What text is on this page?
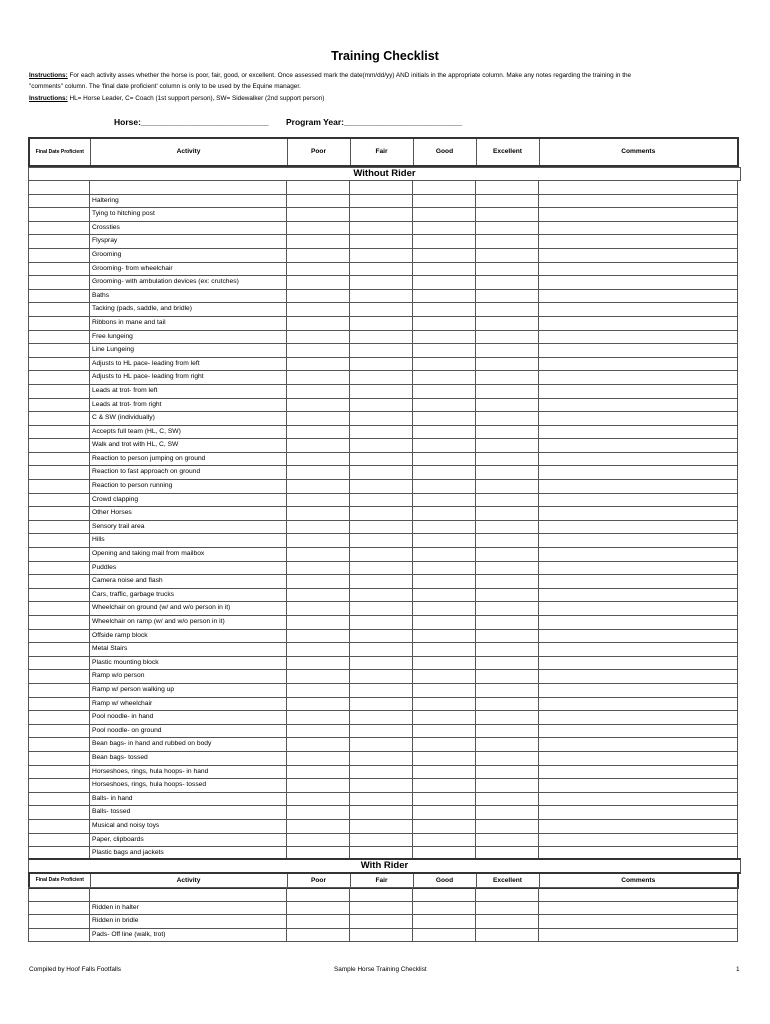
Training Checklist
Instructions: For each activity asses whether the horse is poor, fair, good, or excellent. Once assessed mark the date(mm/dd/yy) AND initials in the appropriate column. Make any notes regarding the training in the
"comments" column. The 'final date proficient' column is only to be used by the Equine manager.
Instructions: HL= Horse Leader, C= Coach (1st support person), SW= Sidewalker (2nd support person)
Horse:___________________________ Program Year:_________________________
Final Date Proficient	Activity	Poor	Fair	Good	Excellent	Comments
Without Rider

	Haltering					
	Tying to hitching post					
	Crossties					
	Flyspray					
	Grooming					
	Grooming- from wheelchair					
	Grooming- with ambulation devices (ex: crutches)					
	Baths					
	Tacking (pads, saddle, and bridle)					
	Ribbons in mane and tail					
	Free lungeing					
	Line Lungeing					
	Adjusts to HL pace- leading from left					
	Adjusts to HL pace- leading from right					
	Leads at trot- from left					
	Leads at trot- from right					
	C & SW (individually)					
	Accepts full team (HL, C, SW)					
	Walk and trot with HL, C, SW					
	Reaction to person jumping on ground					
	Reaction to fast approach on ground					
	Reaction to person running					
	Crowd clapping					
	Other Horses					
	Sensory trail area					
	Hills					
	Opening and taking mail from mailbox					
	Puddles					
	Camera noise and flash					
	Cars, traffic, garbage trucks					
	Wheelchair on ground (w/ and w/o person in it)					
	Wheelchair on ramp (w/ and w/o person in it)					
	Offside ramp block					
	Metal Stairs					
	Plastic mounting block					
	Ramp w/o person					
	Ramp w/ person walking up					
	Ramp w/ wheelchair					
	Pool noodle- in hand					
	Pool noodle- on ground					
	Bean bags- in hand and rubbed on body					
	Bean bags- tossed					
	Horseshoes, rings, hula hoops- in hand					
	Horseshoes, rings, hula hoops- tossed					
	Balls- in hand					
	Balls- tossed					
	Musical and noisy toys					
	Paper, clipboards					
	Plastic bags and jackets					

With Rider
Final Date Proficient	Activity	Poor	Fair	Good	Excellent	Comments

	Ridden in halter					
	Ridden in bridle					
	Pads- Off line (walk, trot)					
Compiled by Hoof Falls Footfalls	Sample Horse Training Checklist	1
